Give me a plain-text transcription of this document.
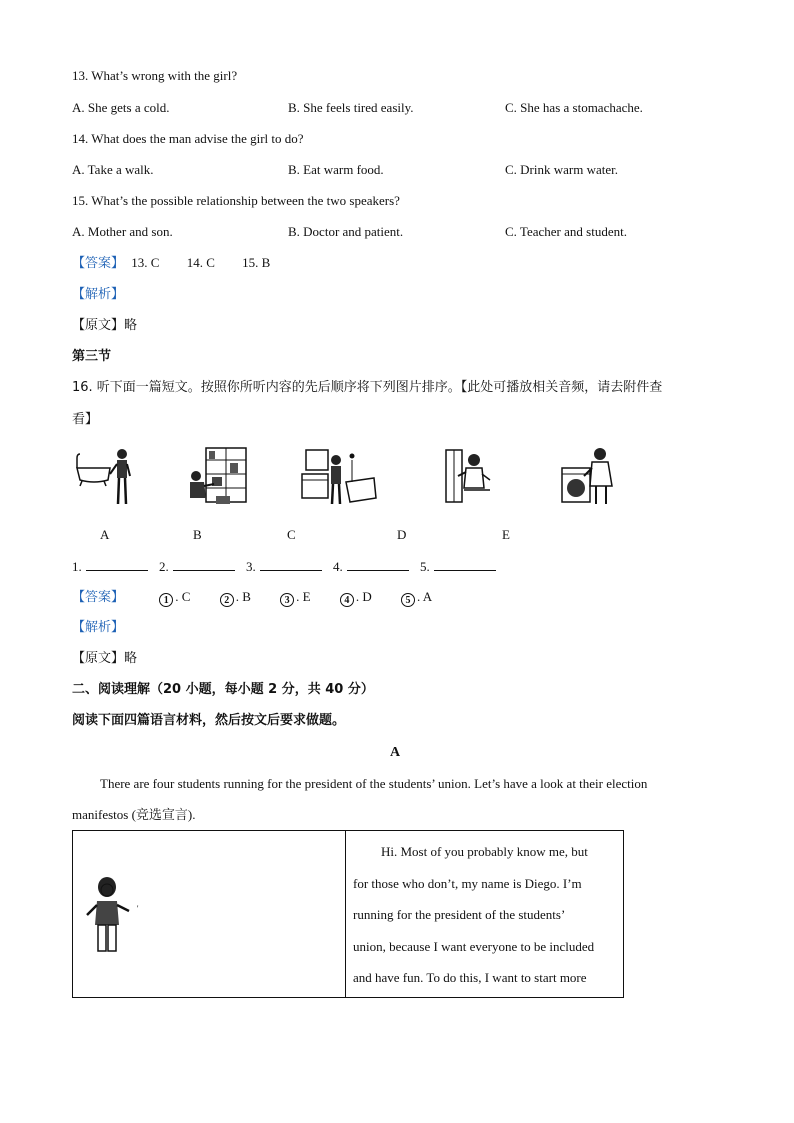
13. What’s wrong with the girl?
A. She gets a cold.	B. She feels tired easily.	C. She has a stomachache.
14. What does the man advise the girl to do?
A. Take a walk.	B. Eat warm food.	C. Drink warm water.
15. What’s the possible relationship between the two speakers?
A. Mother and son.	B. Doctor and patient.	C. Teacher and student.
【答案】 13. C 14. C 15. B
【解析】
【原文】略
第三节
16. 听下面一篇短文。按照你所听内容的先后顺序将下列图片排序。【此处可播放相关音频，请去附件查
看】
A	B	C	D	E
1.	2.	3.	4.	5.
【答案】	1 . C	2 . B	3 . E	4 . D	5 . A
【解析】
【原文】略
二、阅读理解（20 小题，每小题 2 分，共 40 分）
阅读下面四篇语言材料，然后按文后要求做题。
A
There are four students running for the president of the students’ union. Let’s have a look at their election
manifestos (竞选宣言).
'

Hi. Most of you probably know me, but
for those who don’t, my name is Diego. I’m
running for the president of the students’
union, because I want everyone to be included
and have fun. To do this, I want to start more
